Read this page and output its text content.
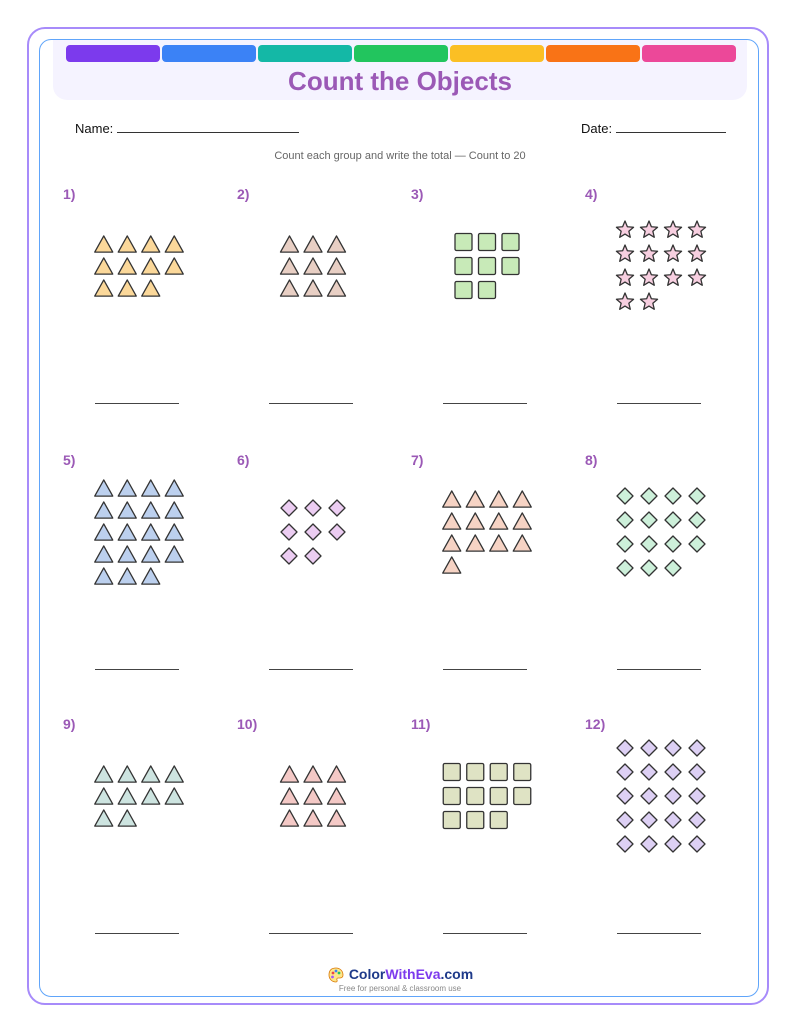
Count the Objects
Name:	Date:
Count each group and write the total — Count to 20
1)	2)	3)	4)
5)	6)	7)	8)
9)	10)	11)	12)
ColorWithEva.com
Free for personal & classroom use
